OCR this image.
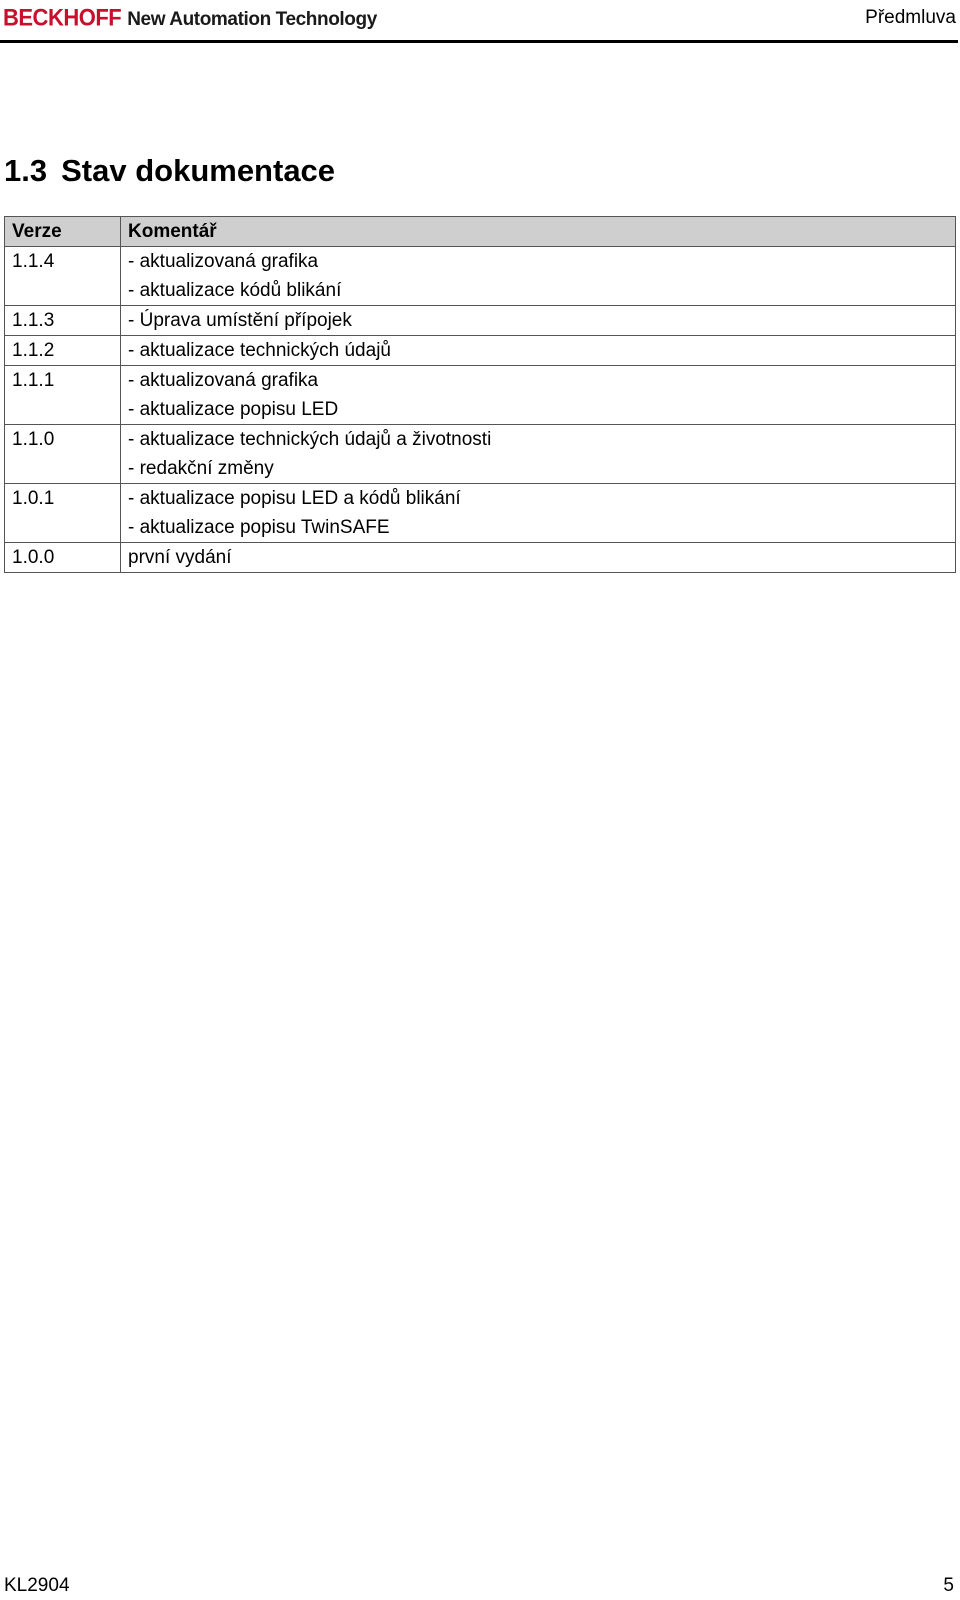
BECKHOFF New Automation Technology	Předmluva
1.3 Stav dokumentace
Verze	Komentář
1.1.4	- aktualizovaná grafika
- aktualizace kódů blikání

1.1.3	- Úprava umístění přípojek

1.1.2	- aktualizace technických údajů

1.1.1	- aktualizovaná grafika
- aktualizace popisu LED

1.1.0	- aktualizace technických údajů a životnosti
- redakční změny

1.0.1	- aktualizace popisu LED a kódů blikání
- aktualizace popisu TwinSAFE

1.0.0	první vydání
KL2904	5
